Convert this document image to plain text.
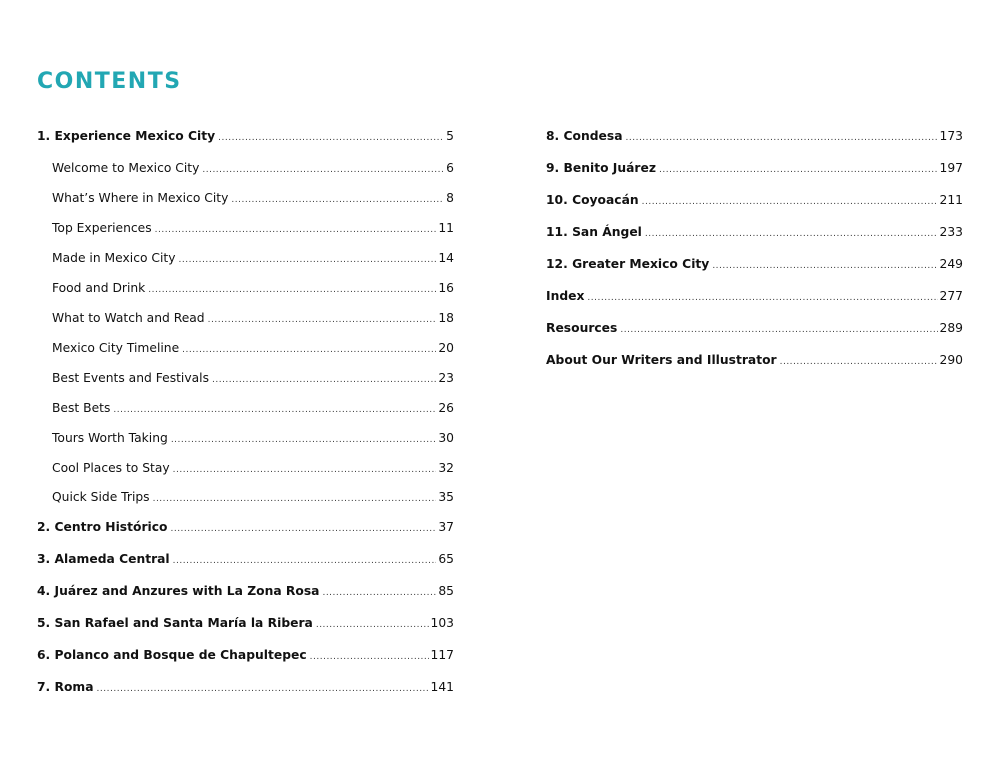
CONTENTS
1. Experience Mexico City .....	5
Welcome to Mexico City .....	6
What’s Where in Mexico City .....	8
Top Experiences .....	11
Made in Mexico City .....	14
Food and Drink .....	16
What to Watch and Read .....	18
Mexico City Timeline .....	20
Best Events and Festivals .....	23
Best Bets .....	26
Tours Worth Taking .....	30
Cool Places to Stay .....	32
Quick Side Trips .....	35
2. Centro Histórico .....	37
3. Alameda Central .....	65
4. Juárez and Anzures with La Zona Rosa .....	85
5. San Rafael and Santa María la Ribera .....	103
6. Polanco and Bosque de Chapultepec .....	117
7. Roma .....	141
8. Condesa .....	173
9. Benito Juárez .....	197
10. Coyoacán .....	211
11. San Ángel .....	233
12. Greater Mexico City .....	249
Index .....	277
Resources .....	289
About Our Writers and Illustrator .....	290
